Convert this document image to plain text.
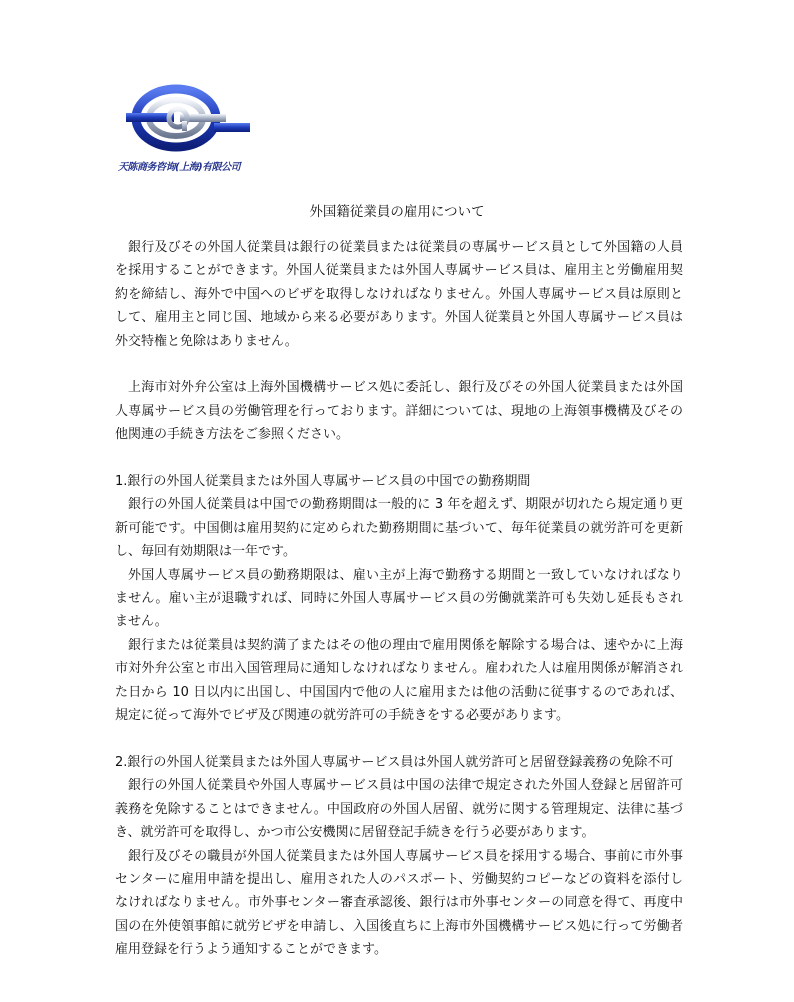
天陈商务咨询(上海)有限公司
外国籍従業員の雇用について

銀行及びその外国人従業員は銀行の従業員または従業員の専属サービス員として外国籍の人員を採用することができます。外国人従業員または外国人専属サービス員は、雇用主と労働雇用契約を締結し、海外で中国へのビザを取得しなければなりません。外国人専属サービス員は原則として、雇用主と同じ国、地域から来る必要があります。外国人従業員と外国人専属サービス員は外交特権と免除はありません。

上海市対外弁公室は上海外国機構サービス処に委託し、銀行及びその外国人従業員または外国人専属サービス員の労働管理を行っております。詳細については、現地の上海領事機構及びその他関連の手続き方法をご参照ください。

1.銀行の外国人従業員または外国人専属サービス員の中国での勤務期間

銀行の外国人従業員は中国での勤務期間は一般的に 3 年を超えず、期限が切れたら規定通り更新可能です。中国側は雇用契約に定められた勤務期間に基づいて、毎年従業員の就労許可を更新し、毎回有効期限は一年です。

外国人専属サービス員の勤務期限は、雇い主が上海で勤務する期間と一致していなければなりません。雇い主が退職すれば、同時に外国人専属サービス員の労働就業許可も失効し延長もされません。

銀行または従業員は契約満了またはその他の理由で雇用関係を解除する場合は、速やかに上海市対外弁公室と市出入国管理局に通知しなければなりません。雇われた人は雇用関係が解消された日から 10 日以内に出国し、中国国内で他の人に雇用または他の活動に従事するのであれば、規定に従って海外でビザ及び関連の就労許可の手続きをする必要があります。

2.銀行の外国人従業員または外国人専属サービス員は外国人就労許可と居留登録義務の免除不可

銀行の外国人従業員や外国人専属サービス員は中国の法律で規定された外国人登録と居留許可義務を免除することはできません。中国政府の外国人居留、就労に関する管理規定、法律に基づき、就労許可を取得し、かつ市公安機関に居留登記手続きを行う必要があります。

銀行及びその職員が外国人従業員または外国人専属サービス員を採用する場合、事前に市外事センターに雇用申請を提出し、雇用された人のパスポート、労働契約コピーなどの資料を添付しなければなりません。市外事センター審査承認後、銀行は市外事センターの同意を得て、再度中国の在外使領事館に就労ビザを申請し、入国後直ちに上海市外国機構サービス処に行って労働者雇用登録を行うよう通知することができます。
